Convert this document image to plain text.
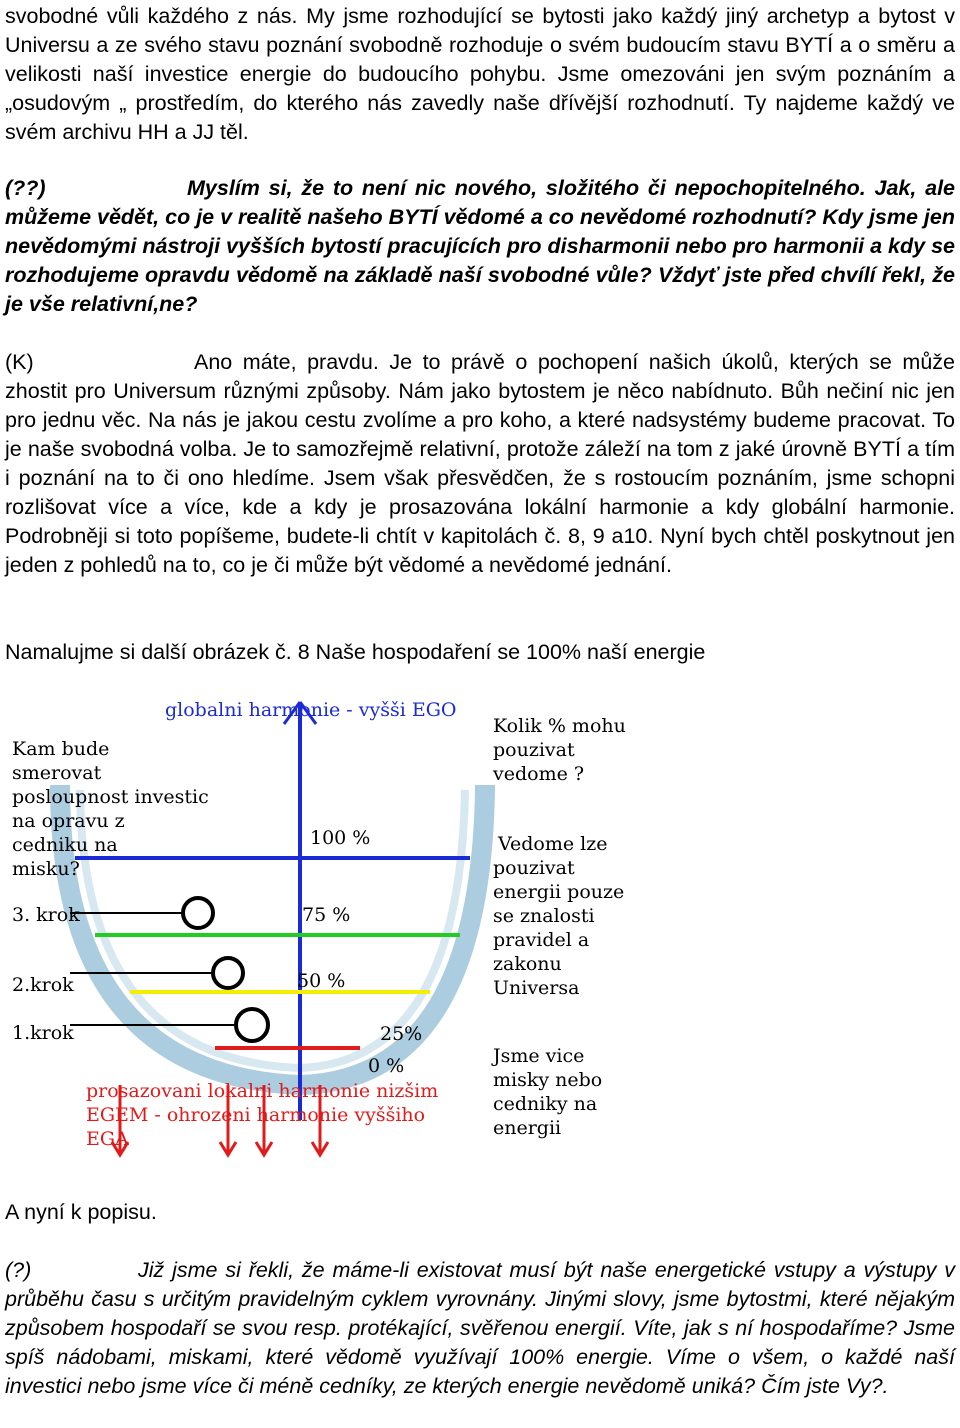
svobodné vůli každého z nás. My jsme rozhodující se bytosti jako každý jiný archetyp a bytost v Universu a ze svého stavu poznání svobodně rozhoduje o svém budoucím stavu BYTÍ a o směru a velikosti naší investice energie do budoucího pohybu. Jsme omezováni jen svým poznáním a „osudovým „ prostředím, do kterého nás zavedly naše dřívější rozhodnutí. Ty najdeme každý ve svém archivu HH a JJ těl.
(??)	Myslím si, že to není nic nového, složitého či nepochopitelného. Jak, ale můžeme vědět, co je v realitě našeho BYTÍ vědomé a co nevědomé rozhodnutí? Kdy jsme jen nevědomými nástroji vyšších bytostí pracujících pro disharmonii nebo pro harmonii a kdy se rozhodujeme opravdu vědomě na základě naší svobodné vůle? Vždyť jste před chvílí řekl, že je vše relativní,ne?
(K)	Ano máte, pravdu. Je to právě o pochopení našich úkolů, kterých se může zhostit pro Universum různými způsoby. Nám jako bytostem je něco nabídnuto. Bůh nečiní nic jen pro jednu věc. Na nás je jakou cestu zvolíme a pro koho, a které nadsystémy budeme pracovat. To je naše svobodná volba. Je to samozřejmě relativní, protože záleží na tom z jaké úrovně BYTÍ a tím i poznání na to či ono hledíme. Jsem však přesvědčen, že s rostoucím poznáním, jsme schopni rozlišovat více a více, kde a kdy je prosazována lokální harmonie a kdy globální harmonie. Podrobněji si toto popíšeme, budete-li chtít v kapitolách č. 8, 9 a10. Nyní bych chtěl poskytnout jen jeden z pohledů na to, co je či může být vědomé a nevědomé jednání.
Namalujme si další obrázek č. 8 Naše hospodaření se 100% naší energie
globalni harmonie - vyšši EGO
Kam bude smerovat posloupnost investic na opravu z cedniku na misku?
3. krok
2.krok
1.krok
100 %
75 %
50 %
25%
0 %
Kolik % mohu pouzivat vedome ?
Vedome lze pouzivat energii pouze se znalosti pravidel a zakonu Universa
Jsme vice misky nebo cedniky na energii
prosazovani lokalni harmonie nizšim EGEM - ohrozeni harmonie vyššiho EGA
A nyní k popisu.
(?)	Již jsme si řekli, že máme-li existovat musí být naše energetické vstupy a výstupy v průběhu času s určitým pravidelným cyklem vyrovnány. Jinými slovy, jsme bytostmi, které nějakým způsobem hospodaří se svou resp. protékající, svěřenou energií. Víte, jak s ní hospodaříme? Jsme spíš nádobami, miskami, které vědomě využívají 100% energie. Víme o všem, o každé naší investici nebo jsme více či méně cedníky, ze kterých energie nevědomě uniká? Čím jste Vy?.
